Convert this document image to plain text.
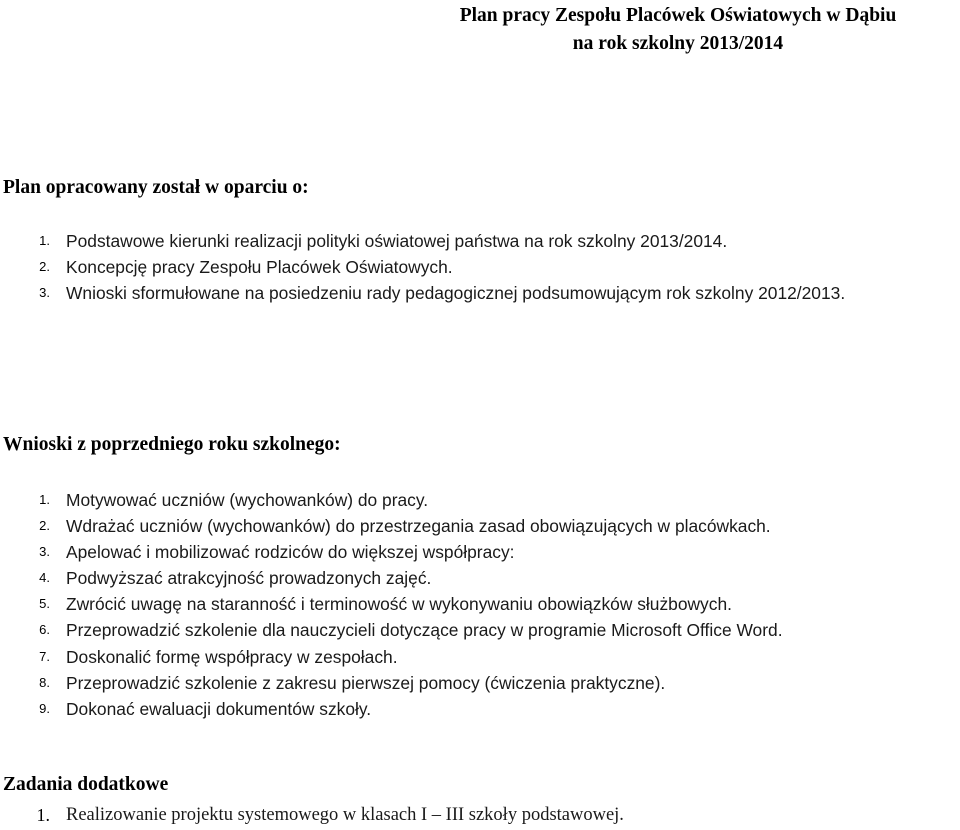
Plan pracy Zespołu Placówek Oświatowych w Dąbiu
na rok szkolny 2013/2014
Plan opracowany został w oparciu o:
1. Podstawowe kierunki realizacji polityki oświatowej państwa na rok szkolny 2013/2014.
2. Koncepcję pracy Zespołu Placówek Oświatowych.
3. Wnioski sformułowane na posiedzeniu rady pedagogicznej podsumowującym rok szkolny 2012/2013.
Wnioski z poprzedniego roku szkolnego:
1. Motywować uczniów (wychowanków) do pracy.
2. Wdrażać uczniów (wychowanków) do przestrzegania zasad obowiązujących w placówkach.
3. Apelować i mobilizować rodziców do większej współpracy:
4. Podwyższać atrakcyjność prowadzonych zajęć.
5. Zwrócić uwagę na staranność i terminowość w wykonywaniu obowiązków służbowych.
6. Przeprowadzić szkolenie dla nauczycieli dotyczące pracy w programie Microsoft Office Word.
7. Doskonalić formę współpracy w zespołach.
8. Przeprowadzić szkolenie z zakresu pierwszej pomocy (ćwiczenia praktyczne).
9. Dokonać ewaluacji dokumentów szkoły.
Zadania dodatkowe
1. Realizowanie projektu systemowego w klasach I – III szkoły podstawowej.
